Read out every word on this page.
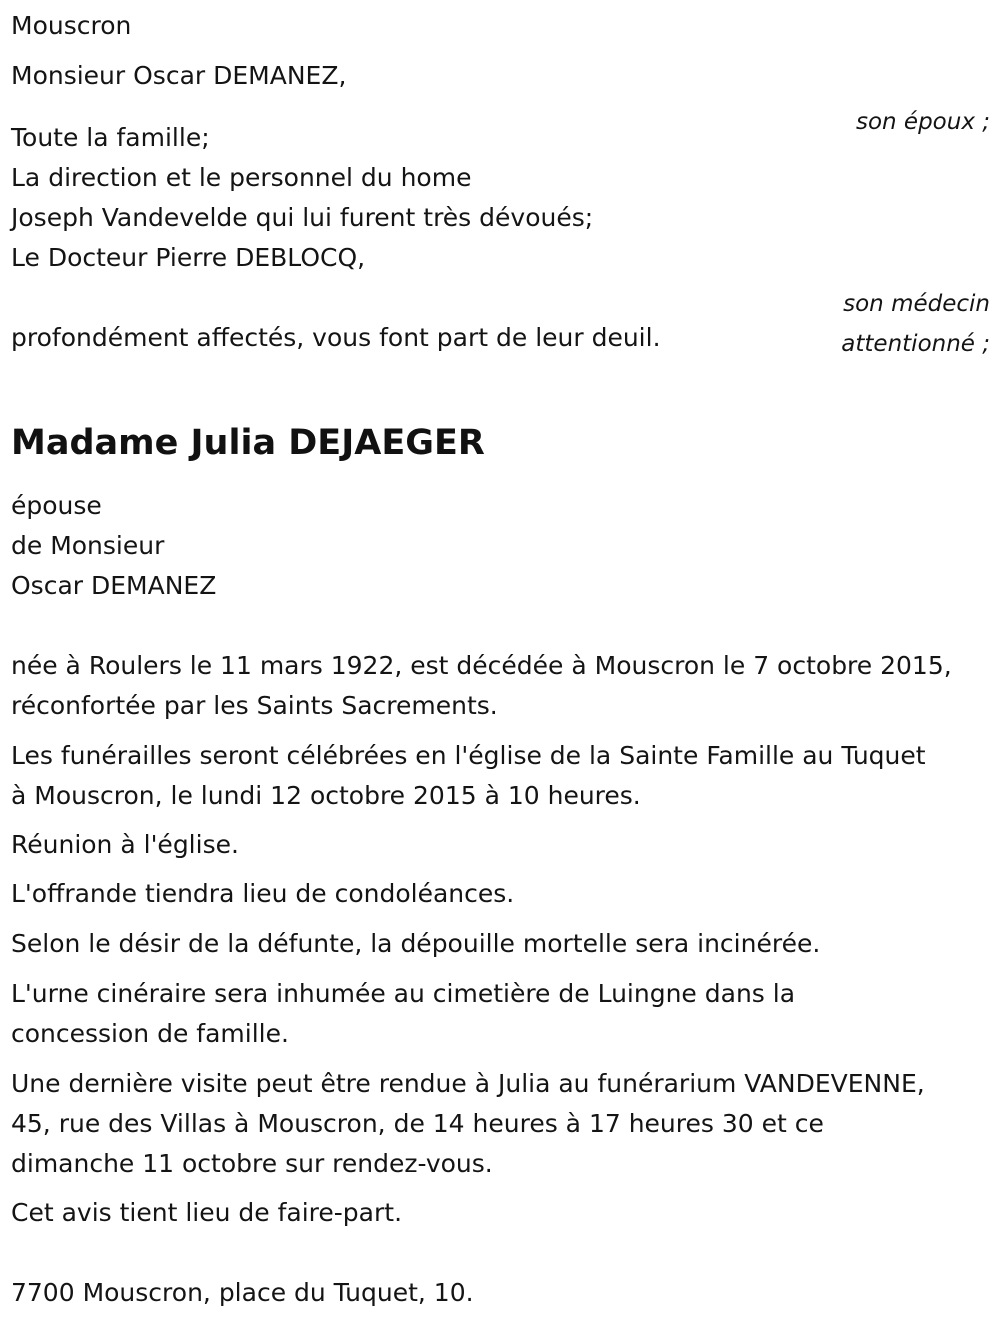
Mouscron

Monsieur Oscar DEMANEZ,

son époux ;

Toute la famille;

La direction et le personnel du home

Joseph Vandevelde qui lui furent très dévoués;

Le Docteur Pierre DEBLOCQ,

son médecin

attentionné ;

profondément affectés, vous font part de leur deuil.

Madame Julia DEJAEGER

épouse

de Monsieur

Oscar DEMANEZ

née à Roulers le 11 mars 1922, est décédée à Mouscron le 7 octobre 2015,

réconfortée par les Saints Sacrements.

Les funérailles seront célébrées en l'église de la Sainte Famille au Tuquet

à Mouscron, le lundi 12 octobre 2015 à 10 heures.

Réunion à l'église.

L'offrande tiendra lieu de condoléances.

Selon le désir de la défunte, la dépouille mortelle sera incinérée.

L'urne cinéraire sera inhumée au cimetière de Luingne dans la

concession de famille.

Une dernière visite peut être rendue à Julia au funérarium VANDEVENNE,

45, rue des Villas à Mouscron, de 14 heures à 17 heures 30 et ce

dimanche 11 octobre sur rendez-vous.

Cet avis tient lieu de faire-part.

7700 Mouscron, place du Tuquet, 10.
